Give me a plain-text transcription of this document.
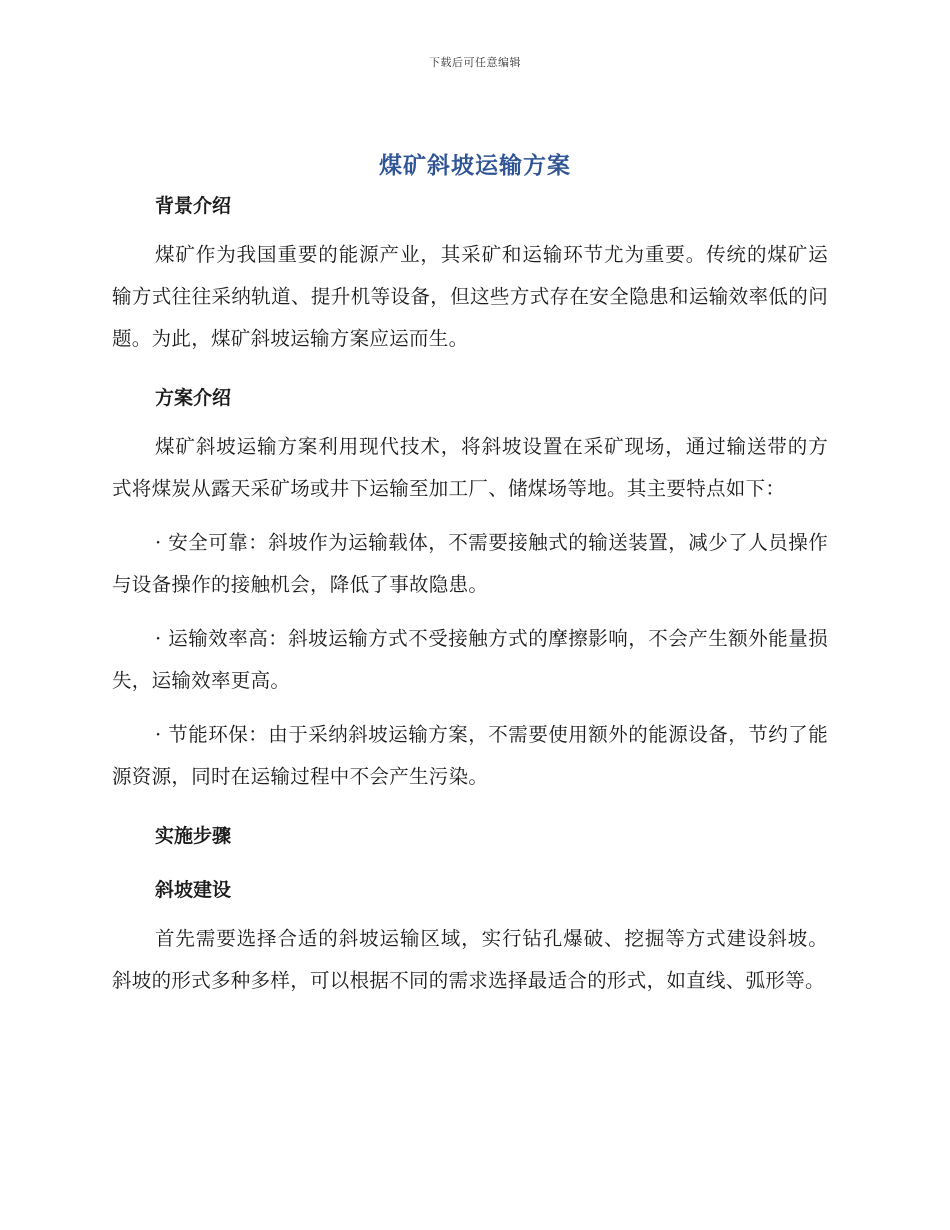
下载后可任意编辑
煤矿斜坡运输方案

背景介绍

煤矿作为我国重要的能源产业，其采矿和运输环节尤为重要。传统的煤矿运输方式往往采纳轨道、提升机等设备，但这些方式存在安全隐患和运输效率低的问题。为此，煤矿斜坡运输方案应运而生。

方案介绍

煤矿斜坡运输方案利用现代技术，将斜坡设置在采矿现场，通过输送带的方式将煤炭从露天采矿场或井下运输至加工厂、储煤场等地。其主要特点如下：

· 安全可靠：斜坡作为运输载体，不需要接触式的输送装置，减少了人员操作与设备操作的接触机会，降低了事故隐患。

· 运输效率高：斜坡运输方式不受接触方式的摩擦影响，不会产生额外能量损失，运输效率更高。

· 节能环保：由于采纳斜坡运输方案，不需要使用额外的能源设备，节约了能源资源，同时在运输过程中不会产生污染。

实施步骤

斜坡建设

首先需要选择合适的斜坡运输区域，实行钻孔爆破、挖掘等方式建设斜坡。斜坡的形式多种多样，可以根据不同的需求选择最适合的形式，如直线、弧形等。
